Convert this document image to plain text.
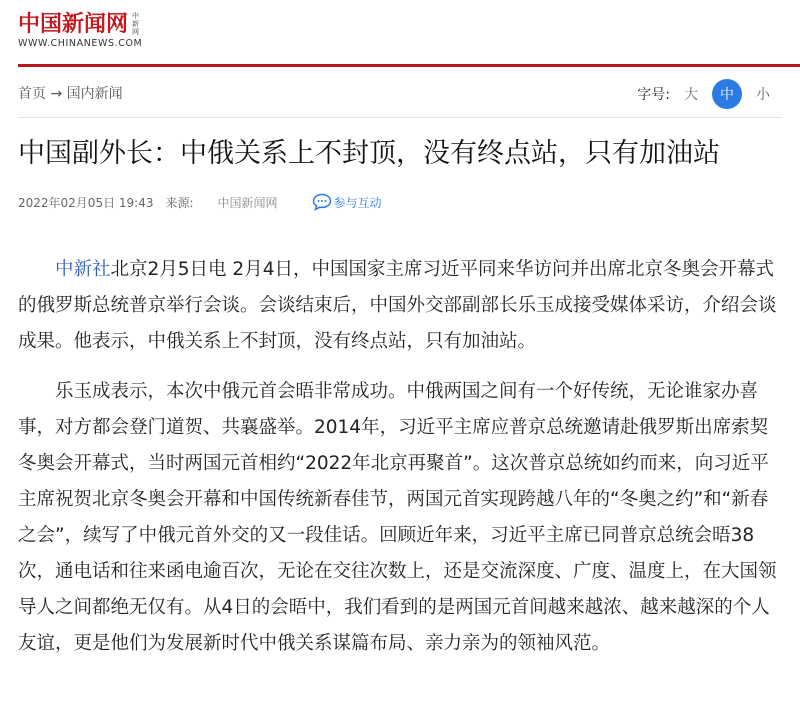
中国新闻网 中新网
WWW.CHINANEWS.COM
首页 → 国内新闻	字号: 大	中	小
中国副外长：中俄关系上不封顶，没有终点站，只有加油站
2022年02月05日 19:43 来源: 中国新闻网	参与互动

中新社北京2月5日电 2月4日，中国国家主席习近平同来华访问并出席北京冬奥会开幕式的俄罗斯总统普京举行会谈。会谈结束后，中国外交部副部长乐玉成接受媒体采访，介绍会谈成果。他表示，中俄关系上不封顶，没有终点站，只有加油站。

乐玉成表示，本次中俄元首会晤非常成功。中俄两国之间有一个好传统，无论谁家办喜事，对方都会登门道贺、共襄盛举。2014年，习近平主席应普京总统邀请赴俄罗斯出席索契冬奥会开幕式，当时两国元首相约“2022年北京再聚首”。这次普京总统如约而来，向习近平主席祝贺北京冬奥会开幕和中国传统新春佳节，两国元首实现跨越八年的“冬奥之约”和“新春之会”，续写了中俄元首外交的又一段佳话。回顾近年来，习近平主席已同普京总统会晤38次，通电话和往来函电逾百次，无论在交往次数上，还是交流深度、广度、温度上，在大国领导人之间都绝无仅有。从4日的会晤中，我们看到的是两国元首间越来越浓、越来越深的个人友谊，更是他们为发展新时代中俄关系谋篇布局、亲力亲为的领袖风范。
